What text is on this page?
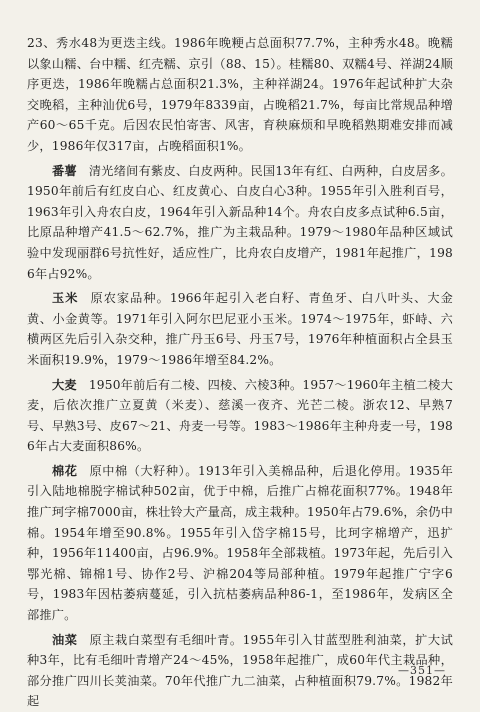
23、秀水48为更迭主线。1986年晚粳占总面积77.7%，主种秀水48。晚糯以象山糯、台中糯、红壳糯、京引（88、15）。桂糯80、双糯4号、祥湖24顺序更迭，1986年晚糯占总面积21.3%，主种祥湖24。1976年起试种扩大杂交晚稻，主种汕优6号，1979年8339亩，占晚稻21.7%，每亩比常规品种增产60～65千克。后因农民怕寄害、风害，育秧麻烦和早晚稻熟期难安排而减少，1986年仅317亩，占晚稻面积1%。

番薯 清光绪间有紫皮、白皮两种。民国13年有红、白两种，白皮居多。1950年前后有红皮白心、红皮黄心、白皮白心3种。1955年引入胜利百号，1963年引入舟农白皮，1964年引入新品种14个。舟农白皮多点试种6.5亩，比原品种增产41.5～62.7%，推广为主栽品种。1979～1980年品种区域试验中发现丽群6号抗性好，适应性广，比舟农白皮增产，1981年起推广，1986年占92%。

玉米 原农家品种。1966年起引入老白籽、青鱼牙、白八叶头、大金黄、小金黄等。1971年引入阿尔巴尼亚小玉米。1974～1975年，虾峙、六横两区先后引入杂交种，推广丹玉6号、丹玉7号，1976年种植面积占全县玉米面积19.9%，1979～1986年增至84.2%。

大麦 1950年前后有二棱、四棱、六棱3种。1957～1960年主植二棱大麦，后依次推广立夏黄（米麦）、慈溪一夜齐、光芒二棱。浙农12、早熟7号、早熟3号、皮67～21、舟麦一号等。1983～1986年主种舟麦一号，1986年占大麦面积86%。

棉花 原中棉（大籽种）。1913年引入美棉品种，后退化停用。1935年引入陆地棉脱字棉试种502亩，优于中棉，后推广占棉花面积77%。1948年推广珂字棉7000亩，株壮铃大产量高，成主栽种。1950年占79.6%，余仍中棉。1954年增至90.8%。1955年引入岱字棉15号，比珂字棉增产，迅扩种，1956年11400亩，占96.9%。1958年全部栽植。1973年起，先后引入鄂光棉、锦棉1号、协作2号、沪棉204等局部种植。1979年起推广宁字6号，1983年因枯萎病蔓延，引入抗枯萎病品种86-1，至1986年，发病区全部推广。

油菜 原主栽白菜型有毛细叶青。1955年引入甘蓝型胜利油菜，扩大试种3年，比有毛细叶青增产24～45%，1958年起推广，成60年代主栽品种，部分推广四川长荚油菜。70年代推广九二油菜，占种植面积79.7%。1982年起

—351—
